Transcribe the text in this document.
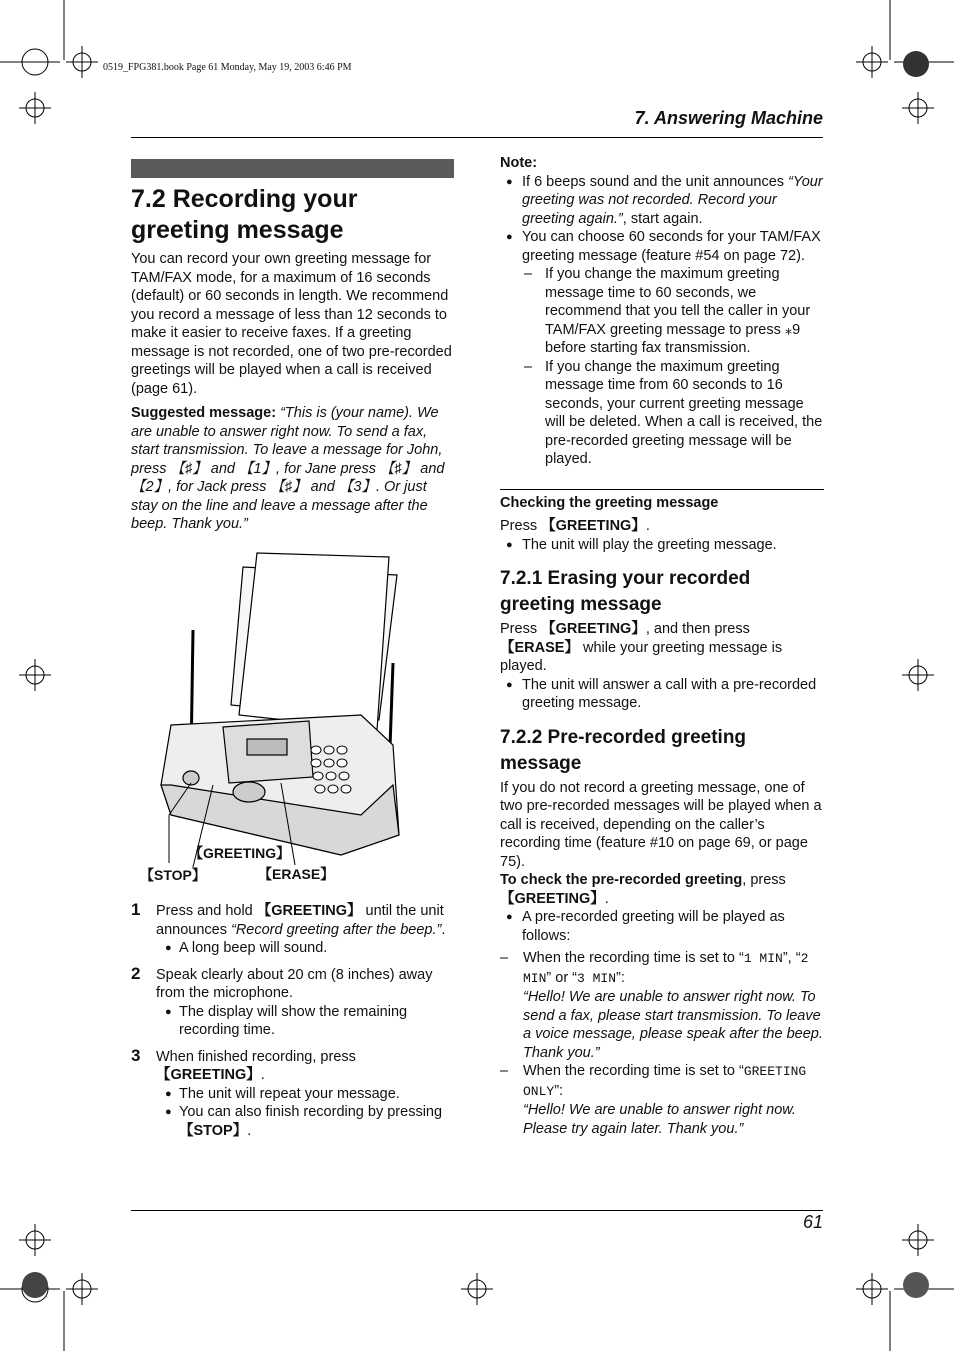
0519_FPG381.book Page 61 Monday, May 19, 2003 6:46 PM
7. Answering Machine
7.2 Recording your greeting message

You can record your own greeting message for TAM/FAX mode, for a maximum of 16 seconds (default) or 60 seconds in length. We recommend you record a message of less than 12 seconds to make it easier to receive faxes. If a greeting message is not recorded, one of two pre-recorded greetings will be played when a call is received (page 61).

Suggested message: “This is (your name). We are unable to answer right now. To send a fax, start transmission. To leave a message for John, press 【♯】 and 【1】, for Jane press 【♯】 and 【2】, for Jack press 【♯】 and 【3】. Or just stay on the line and leave a message after the beep. Thank you.”

【GREETING】
【STOP】	【ERASE】
1 Press and hold 【GREETING】 until the unit announces “Record greeting after the beep.”.
● A long beep will sound.
2 Speak clearly about 20 cm (8 inches) away from the microphone.
● The display will show the remaining recording time.
3 When finished recording, press
【GREETING】.
● The unit will repeat your message.
● You can also finish recording by pressing 【STOP】.

Note:

● If 6 beeps sound and the unit announces “Your greeting was not recorded. Record your greeting again.”, start again.
● You can choose 60 seconds for your TAM/FAX greeting message (feature #54 on page 72).
– If you change the maximum greeting message time to 60 seconds, we recommend that you tell the caller in your TAM/FAX greeting message to press ⁎9 before starting fax transmission.
– If you change the maximum greeting message time from 60 seconds to 16 seconds, your current greeting message will be deleted. When a call is received, the pre-recorded greeting message will be played.

Checking the greeting message

Press 【GREETING】.

● The unit will play the greeting message.
7.2.1 Erasing your recorded greeting message

Press 【GREETING】, and then press 【ERASE】 while your greeting message is played.

● The unit will answer a call with a pre-recorded greeting message.
7.2.2 Pre-recorded greeting message

If you do not record a greeting message, one of two pre-recorded messages will be played when a call is received, depending on the caller’s recording time (feature #10 on page 69, or page 75).

To check the pre-recorded greeting, press
【GREETING】.

● A pre-recorded greeting will be played as follows:
– When the recording time is set to “1 MIN”, “2 MIN” or “3 MIN”:
“Hello! We are unable to answer right now. To send a fax, please start transmission. To leave a voice message, please speak after the beep. Thank you.”
– When the recording time is set to “GREETING ONLY”:
“Hello! We are unable to answer right now. Please try again later. Thank you.”
61
